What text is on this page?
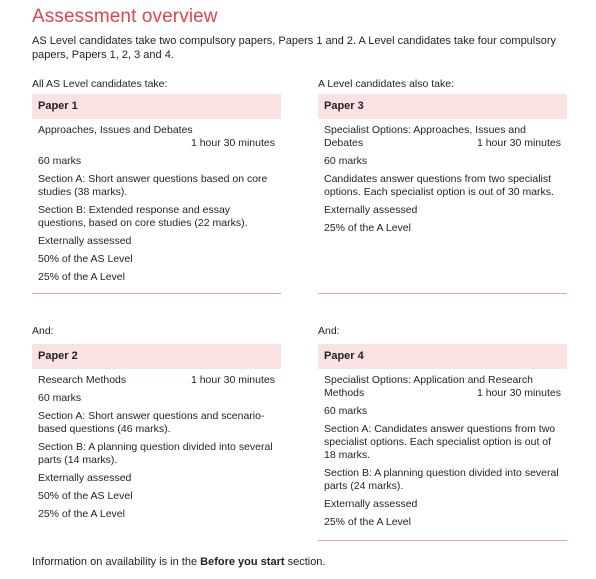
Assessment overview
AS Level candidates take two compulsory papers, Papers 1 and 2. A Level candidates take four compulsory papers, Papers 1, 2, 3 and 4.
All AS Level candidates take:	A Level candidates also take:
Paper 1
Approaches, Issues and Debates
1 hour 30 minutes
60 marks
Section A: Short answer questions based on core studies (38 marks).
Section B: Extended response and essay questions, based on core studies (22 marks).
Externally assessed
50% of the AS Level
25% of the A Level
Paper 3
Specialist Options: Approaches, Issues and Debates	1 hour 30 minutes
60 marks
Candidates answer questions from two specialist options. Each specialist option is out of 30 marks.
Externally assessed
25% of the A Level
And:	And:
Paper 2
Research Methods	1 hour 30 minutes
60 marks
Section A: Short answer questions and scenario-based questions (46 marks).
Section B: A planning question divided into several parts (14 marks).
Externally assessed
50% of the AS Level
25% of the A Level
Paper 4
Specialist Options: Application and Research Methods	1 hour 30 minutes
60 marks
Section A: Candidates answer questions from two specialist options. Each specialist option is out of 18 marks.
Section B: A planning question divided into several parts (24 marks).
Externally assessed
25% of the A Level
Information on availability is in the Before you start section.
